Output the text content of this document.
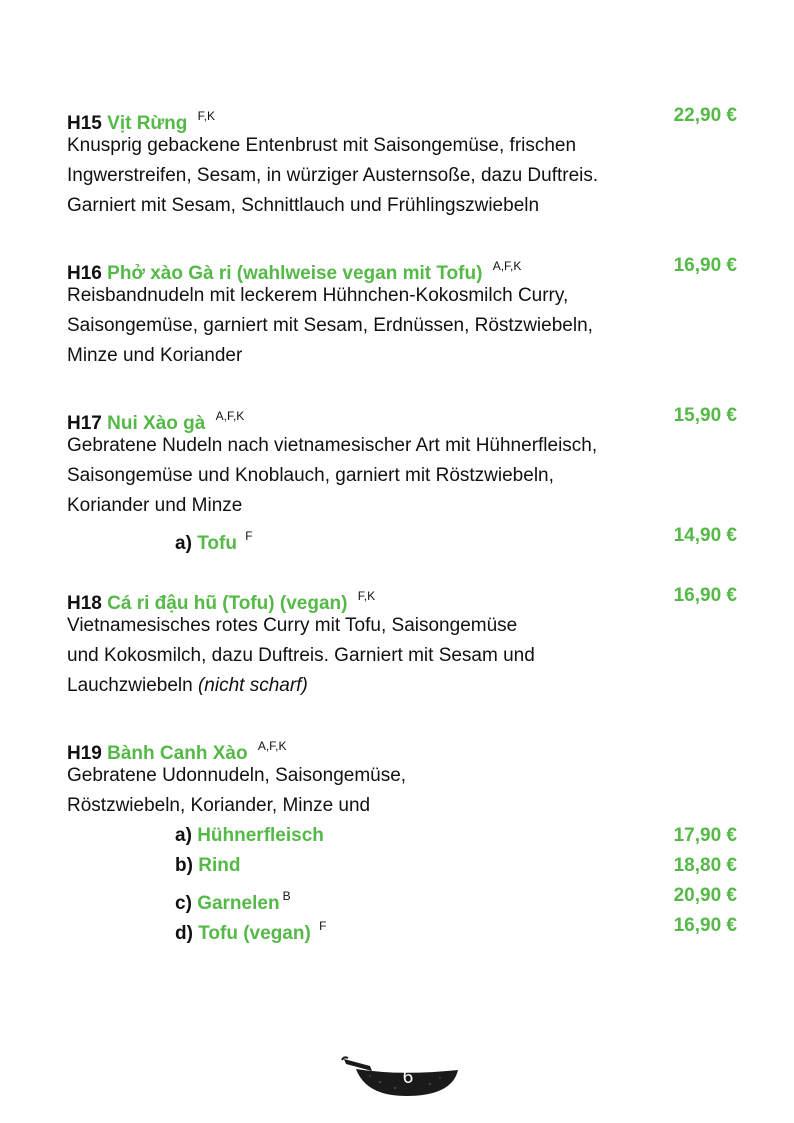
H15 Vịt Rừng $^{F,K}$	22,90 €
Knusprig gebackene Entenbrust mit Saisongemüse, frischen
Ingwerstreifen, Sesam, in würziger Austernsoße, dazu Duftreis.
Garniert mit Sesam, Schnittlauch und Frühlingszwiebeln
H16 Phở xào Gà ri (wahlweise vegan mit Tofu) $^{A,F,K}$	16,90 €
Reisbandnudeln mit leckerem Hühnchen-Kokosmilch Curry,
Saisongemüse, garniert mit Sesam, Erdnüssen, Röstzwiebeln,
Minze und Koriander
H17 Nui Xào gà $^{A,F,K}$	15,90 €
Gebratene Nudeln nach vietnamesischer Art mit Hühnerfleisch,
Saisongemüse und Knoblauch, garniert mit Röstzwiebeln,
Koriander und Minze
a) Tofu $^F$	14,90 €
H18 Cá ri đậu hũ (Tofu) (vegan) $^{F,K}$	16,90 €
Vietnamesisches rotes Curry mit Tofu, Saisongemüse
und Kokosmilch, dazu Duftreis. Garniert mit Sesam und
Lauchzwiebeln (nicht scharf)
H19 Bành Canh Xào $^{A,F,K}$
Gebratene Udonnudeln, Saisongemüse,
Röstzwiebeln, Koriander, Minze und
a) Hühnerfleisch	17,90 €
b) Rind	18,80 €
c) Garnelen $^B$	20,90 €
d) Tofu (vegan) $^F$	16,90 €
6
